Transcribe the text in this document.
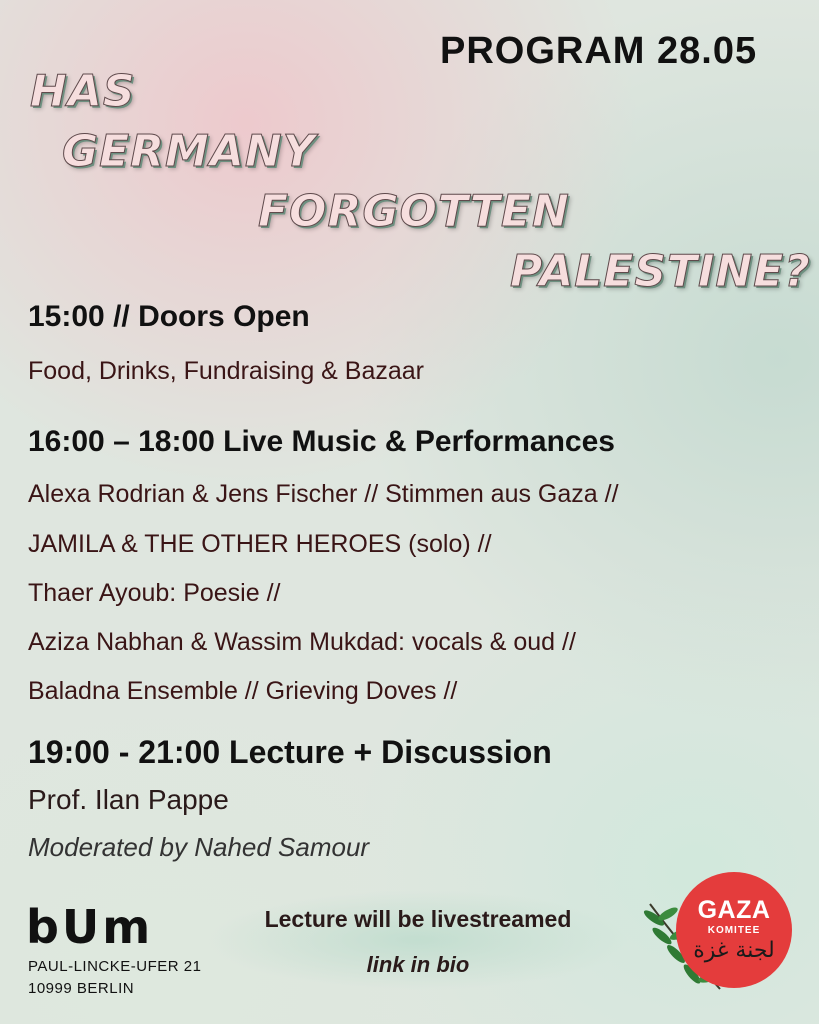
PROGRAM 28.05
HAS
GERMANY
FORGOTTEN
PALESTINE?
15:00 // Doors Open
Food, Drinks, Fundraising & Bazaar
16:00 – 18:00 Live Music & Performances
Alexa Rodrian & Jens Fischer // Stimmen aus Gaza //
JAMILA & THE OTHER HEROES (solo) //
Thaer Ayoub: Poesie //
Aziza Nabhan & Wassim Mukdad: vocals & oud //
Baladna Ensemble // Grieving Doves //
19:00 - 21:00 Lecture + Discussion
Prof. Ilan Pappe
Moderated by Nahed Samour
bUm
PAUL-LINCKE-UFER 21
10999 BERLIN
Lecture will be livestreamed
link in bio
GAZA
KOMITEE
لجنة غزة
